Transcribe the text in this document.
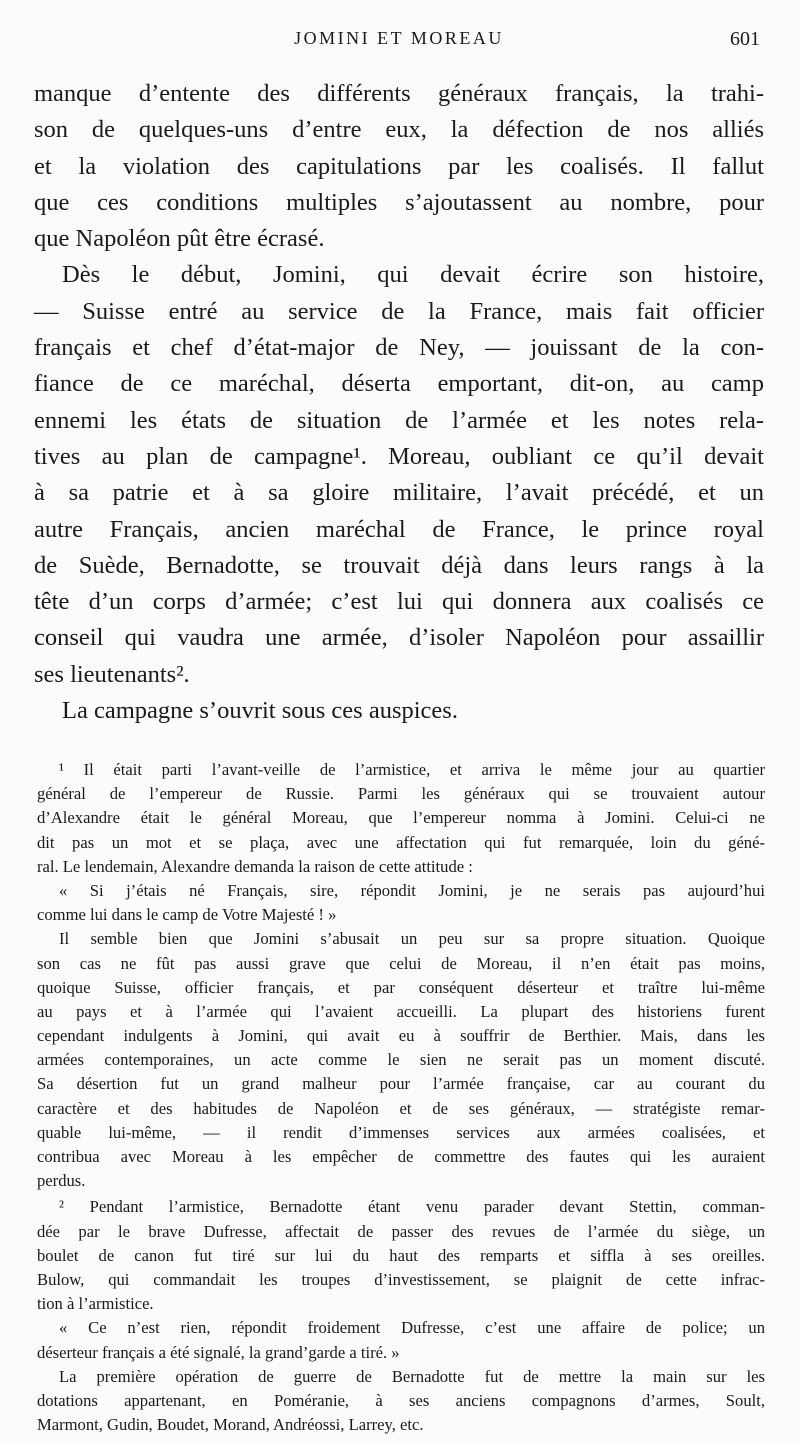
JOMINI ET MOREAU	601
manque d’entente des différents généraux français, la trahi-
son de quelques-uns d’entre eux, la défection de nos alliés
et la violation des capitulations par les coalisés. Il fallut
que ces conditions multiples s’ajoutassent au nombre, pour
que Napoléon pût être écrasé.
Dès le début, Jomini, qui devait écrire son histoire,
— Suisse entré au service de la France, mais fait officier
français et chef d’état-major de Ney, — jouissant de la con-
fiance de ce maréchal, déserta emportant, dit-on, au camp
ennemi les états de situation de l’armée et les notes rela-
tives au plan de campagne¹. Moreau, oubliant ce qu’il devait
à sa patrie et à sa gloire militaire, l’avait précédé, et un
autre Français, ancien maréchal de France, le prince royal
de Suède, Bernadotte, se trouvait déjà dans leurs rangs à la
tête d’un corps d’armée; c’est lui qui donnera aux coalisés ce
conseil qui vaudra une armée, d’isoler Napoléon pour assaillir
ses lieutenants².
La campagne s’ouvrit sous ces auspices.
¹ Il était parti l’avant-veille de l’armistice, et arriva le même jour au quartier
général de l’empereur de Russie. Parmi les généraux qui se trouvaient autour
d’Alexandre était le général Moreau, que l’empereur nomma à Jomini. Celui-ci ne
dit pas un mot et se plaça, avec une affectation qui fut remarquée, loin du géné-
ral. Le lendemain, Alexandre demanda la raison de cette attitude :
« Si j’étais né Français, sire, répondit Jomini, je ne serais pas aujourd’hui
comme lui dans le camp de Votre Majesté ! »
Il semble bien que Jomini s’abusait un peu sur sa propre situation. Quoique
son cas ne fût pas aussi grave que celui de Moreau, il n’en était pas moins,
quoique Suisse, officier français, et par conséquent déserteur et traître lui-même
au pays et à l’armée qui l’avaient accueilli. La plupart des historiens furent
cependant indulgents à Jomini, qui avait eu à souffrir de Berthier. Mais, dans les
armées contemporaines, un acte comme le sien ne serait pas un moment discuté.
Sa désertion fut un grand malheur pour l’armée française, car au courant du
caractère et des habitudes de Napoléon et de ses généraux, — stratégiste remar-
quable lui-même, — il rendit d’immenses services aux armées coalisées, et
contribua avec Moreau à les empêcher de commettre des fautes qui les auraient
perdus.
² Pendant l’armistice, Bernadotte étant venu parader devant Stettin, comman-
dée par le brave Dufresse, affectait de passer des revues de l’armée du siège, un
boulet de canon fut tiré sur lui du haut des remparts et siffla à ses oreilles.
Bulow, qui commandait les troupes d’investissement, se plaignit de cette infrac-
tion à l’armistice.
« Ce n’est rien, répondit froidement Dufresse, c’est une affaire de police; un
déserteur français a été signalé, la grand’garde a tiré. »
La première opération de guerre de Bernadotte fut de mettre la main sur les
dotations appartenant, en Poméranie, à ses anciens compagnons d’armes, Soult,
Marmont, Gudin, Boudet, Morand, Andréossi, Larrey, etc.
